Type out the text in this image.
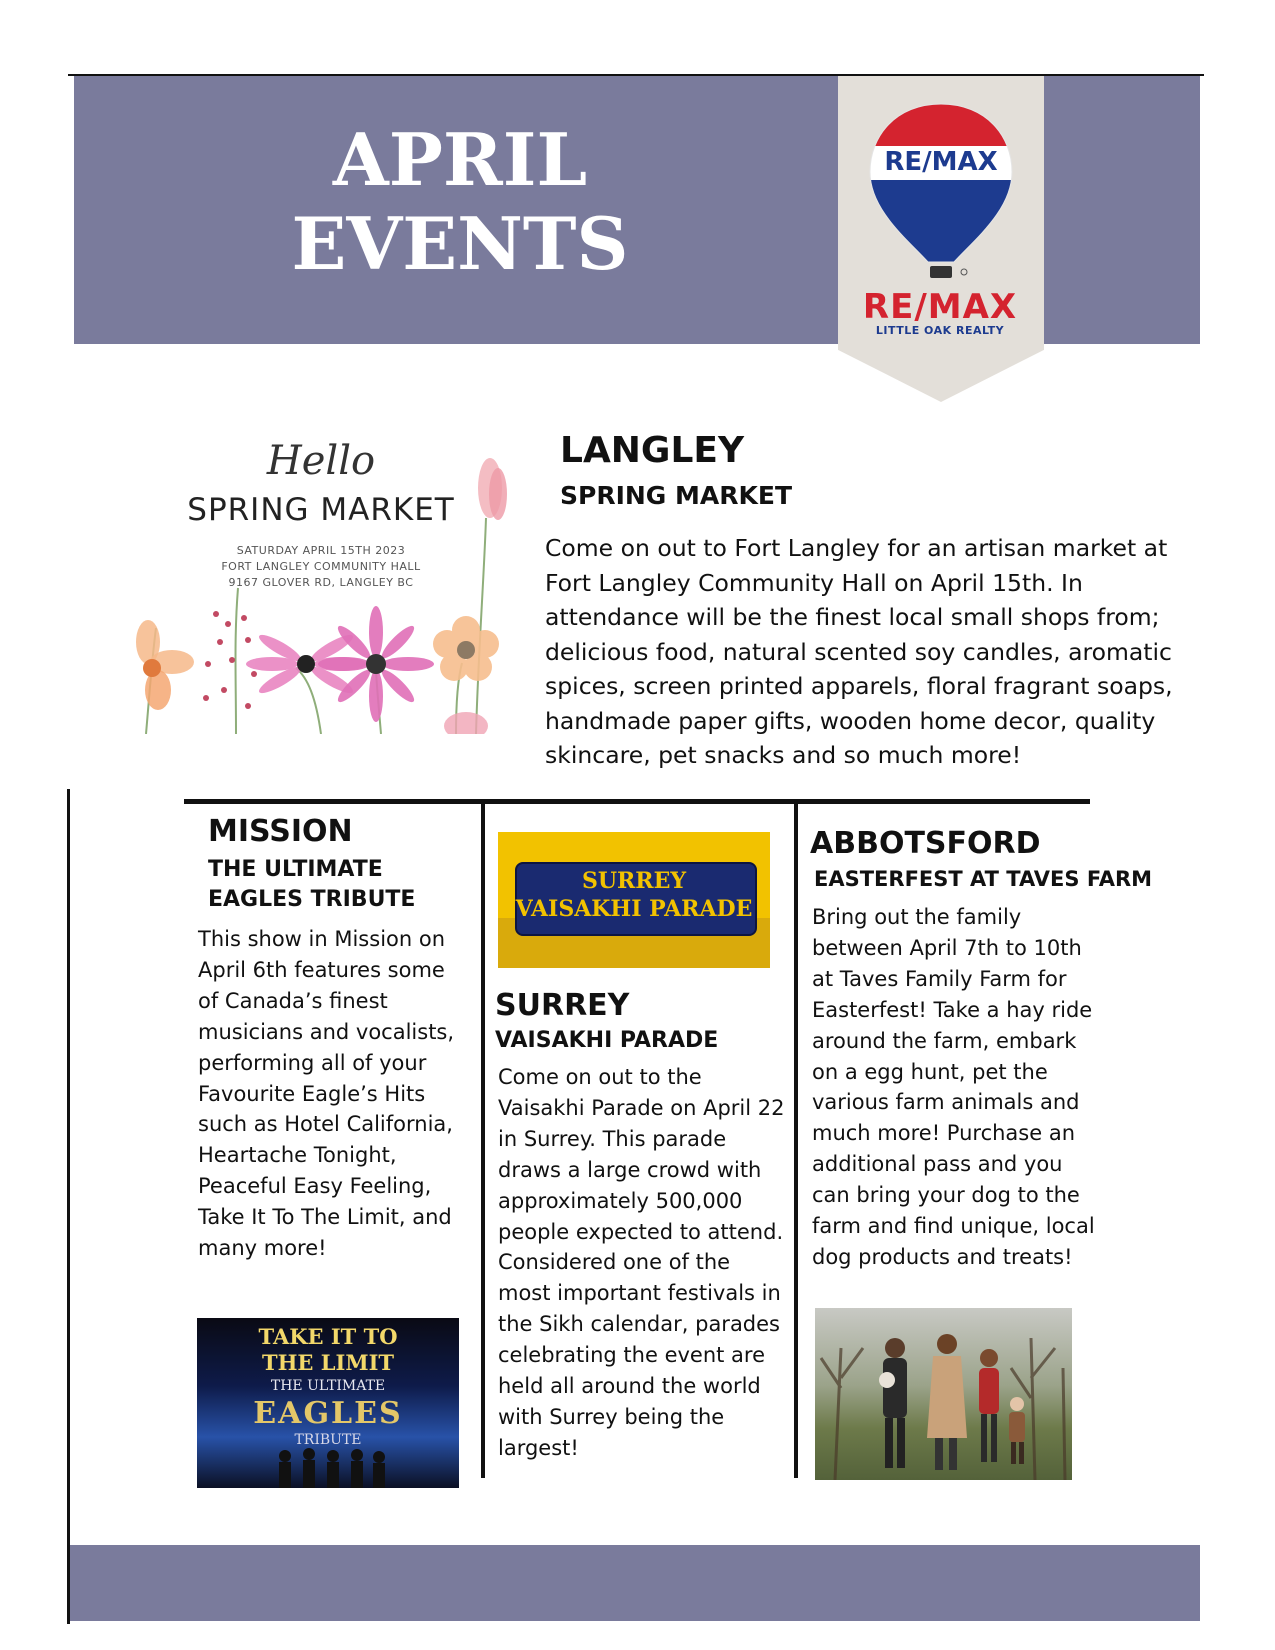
APRIL
EVENTS
RE/MAX
RE/MAX
LITTLE OAK REALTY
Hello
SPRING MARKET
SATURDAY APRIL 15TH 2023
FORT LANGLEY COMMUNITY HALL
9167 GLOVER RD, LANGLEY BC
LANGLEY
SPRING MARKET
Come on out to Fort Langley for an artisan market at Fort Langley Community Hall on April 15th. In attendance will be the finest local small shops from; delicious food, natural scented soy candles, aromatic spices, screen printed apparels, floral fragrant soaps, handmade paper gifts, wooden home decor, quality skincare, pet snacks and so much more!
MISSION
THE ULTIMATE EAGLES TRIBUTE
This show in Mission on April 6th features some of Canada’s finest musicians and vocalists, performing all of your Favourite Eagle’s Hits such as Hotel California, Heartache Tonight, Peaceful Easy Feeling, Take It To The Limit, and many more!
TAKE IT TO
THE LIMIT
THE ULTIMATE
EAGLES
TRIBUTE
SURREY
VAISAKHI PARADE
SURREY
VAISAKHI PARADE
Come on out to the Vaisakhi Parade on April 22 in Surrey. This parade draws a large crowd with approximately 500,000 people expected to attend. Considered one of the most important festivals in the Sikh calendar, parades celebrating the event are held all around the world with Surrey being the largest!
ABBOTSFORD
EASTERFEST AT TAVES FARM
Bring out the family between April 7th to 10th at Taves Family Farm for Easterfest! Take a hay ride around the farm, embark on a egg hunt, pet the various farm animals and much more! Purchase an additional pass and you can bring your dog to the farm and find unique, local dog products and treats!
